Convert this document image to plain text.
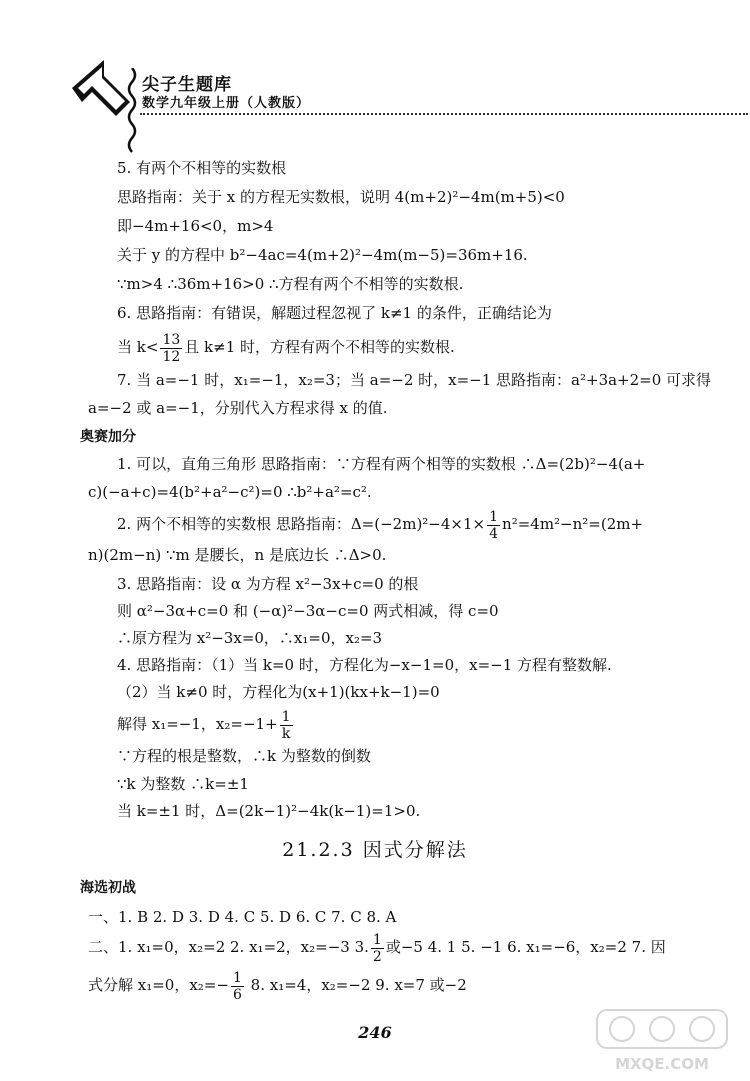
尖子生题库
数学九年级上册（人教版）
5. 有两个不相等的实数根
思路指南：关于 x 的方程无实数根，说明 4(m+2)²−4m(m+5)<0
即−4m+16<0，m>4
关于 y 的方程中 b²−4ac=4(m+2)²−4m(m−5)=36m+16.
∵m>4 ∴36m+16>0 ∴方程有两个不相等的实数根.
6. 思路指南：有错误，解题过程忽视了 k≠1 的条件，正确结论为
当 $k< \frac{13}{12}$ 且 k≠1 时，方程有两个不相等的实数根.
7. 当 a=−1 时，x₁=−1，x₂=3；当 a=−2 时，x=−1 思路指南：a²+3a+2=0 可求得
a=−2 或 a=−1，分别代入方程求得 x 的值.
奥赛加分
1. 可以，直角三角形 思路指南：∵方程有两个相等的实数根 ∴Δ=(2b)²−4(a+
c)(−a+c)=4(b²+a²−c²)=0 ∴b²+a²=c².
2. 两个不相等的实数根 思路指南：$\Delta=(-2m)^2-4\times 1\times \frac{1}{4} n^2=4m^2-n^2=(2m+$
n)(2m−n) ∵m 是腰长，n 是底边长 ∴Δ>0.
3. 思路指南：设 α 为方程 x²−3x+c=0 的根
则 α²−3α+c=0 和 (−α)²−3α−c=0 两式相减，得 c=0
∴原方程为 x²−3x=0，∴x₁=0，x₂=3
4. 思路指南：（1）当 k=0 时，方程化为−x−1=0，x=−1 方程有整数解.
（2）当 k≠0 时，方程化为(x+1)(kx+k−1)=0
解得 x₁=−1，$x_2=-1+ \frac{1}{k}$
∵方程的根是整数，∴k 为整数的倒数
∵k 为整数 ∴k=±1
当 k=±1 时，Δ=(2k−1)²−4k(k−1)=1>0.
21.2.3 因式分解法
海选初战
一、1. B 2. D 3. D 4. C 5. D 6. C 7. C 8. A
二、1. x₁=0，x₂=2 2. x₁=2，x₂=−3 3. $\frac{1}{2}$ 或−5 4. 1 5. −1 6. x₁=−6，x₂=2 7. 因
式分解 x₁=0，$x_2=- \frac{1}{6} 8$. x₁=4，x₂=−2 9. x=7 或−2
246
MXQE.COM
